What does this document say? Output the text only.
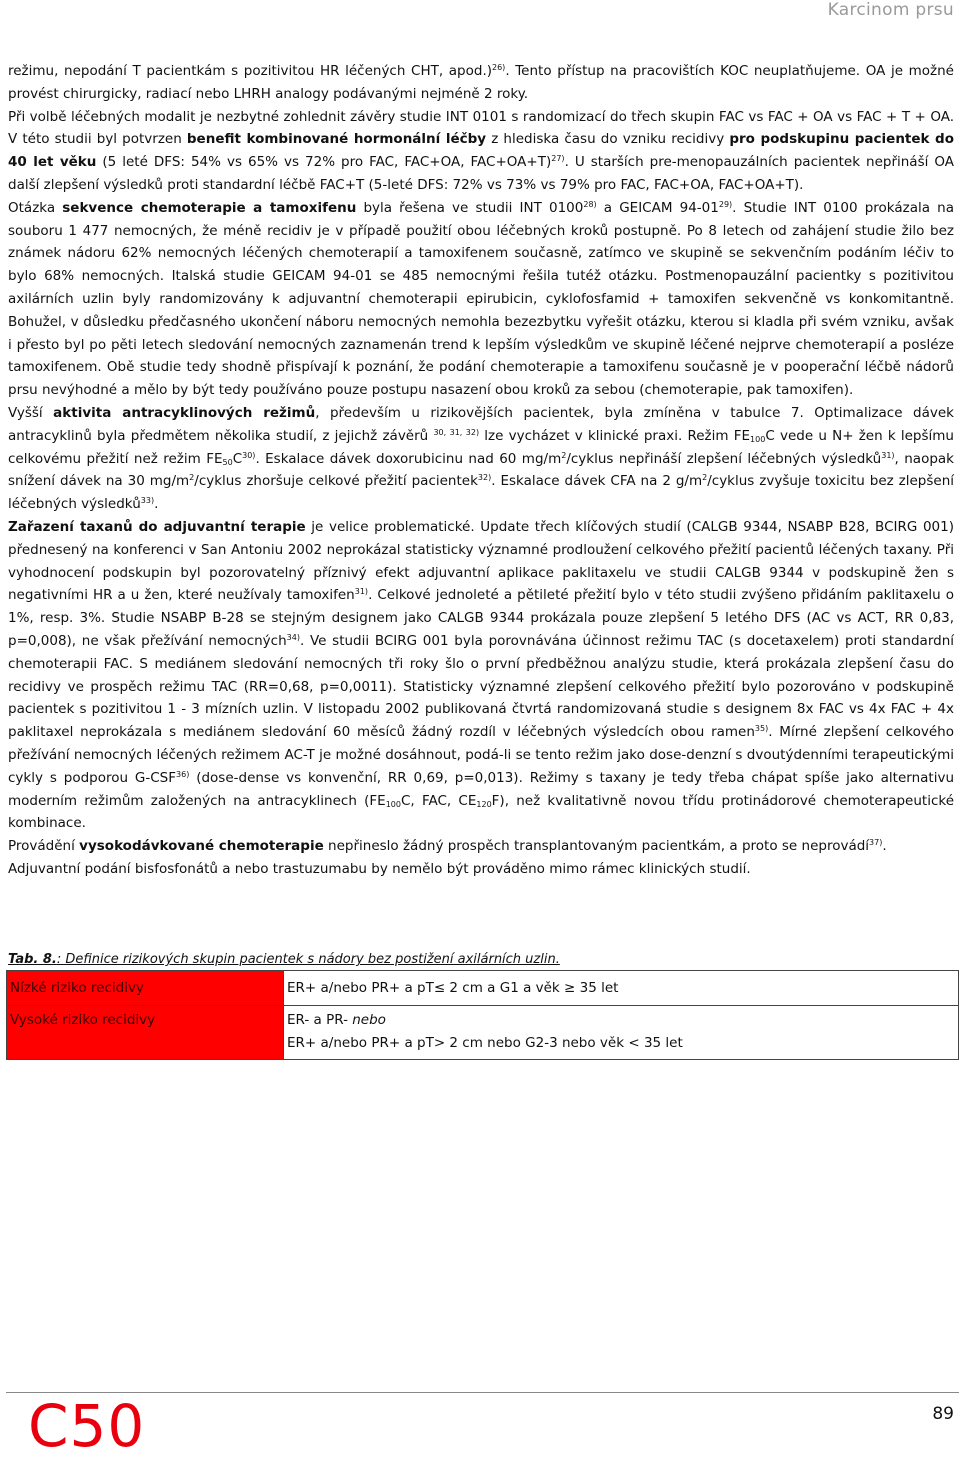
Karcinom prsu

režimu, nepodání T pacientkám s pozitivitou HR léčených CHT, apod.)$^{26)}$. Tento přístup na pracovištích KOC neuplatňujeme. OA je možné provést chirurgicky, radiací nebo LHRH analogy podávanými nejméně 2 roky.

Při volbě léčebných modalit je nezbytné zohlednit závěry studie INT 0101 s randomizací do třech skupin FAC vs FAC + OA vs FAC + T + OA. V této studii byl potvrzen benefit kombinované hormonální léčby z hlediska času do vzniku recidivy pro podskupinu pacientek do 40 let věku (5 leté DFS: 54% vs 65% vs 72% pro FAC, FAC+OA, FAC+OA+T)$^{27)}$. U starších pre-menopauzálních pacientek nepřináší OA další zlepšení výsledků proti standardní léčbě FAC+T (5-leté DFS: 72% vs 73% vs 79% pro FAC, FAC+OA, FAC+OA+T).

Otázka sekvence chemoterapie a tamoxifenu byla řešena ve studii INT 0100$^{28)}$ a GEICAM 94-01$^{29)}$. Studie INT 0100 prokázala na souboru 1 477 nemocných, že méně recidiv je v případě použití obou léčebných kroků postupně. Po 8 letech od zahájení studie žilo bez známek nádoru 62% nemocných léčených chemoterapií a tamoxifenem současně, zatímco ve skupině se sekvenčním podáním léčiv to bylo 68% nemocných. Italská studie GEICAM 94-01 se 485 nemocnými řešila tutéž otázku. Postmenopauzální pacientky s pozitivitou axilárních uzlin byly randomizovány k adjuvantní chemoterapii epirubicin, cyklofosfamid + tamoxifen sekvenčně vs konkomitantně. Bohužel, v důsledku předčasného ukončení náboru nemocných nemohla bezezbytku vyřešit otázku, kterou si kladla při svém vzniku, avšak i přesto byl po pěti letech sledování nemocných zaznamenán trend k lepším výsledkům ve skupině léčené nejprve chemoterapií a posléze tamoxifenem. Obě studie tedy shodně přispívají k poznání, že podání chemoterapie a tamoxifenu současně je v pooperační léčbě nádorů prsu nevýhodné a mělo by být tedy používáno pouze postupu nasazení obou kroků za sebou (chemoterapie, pak tamoxifen).

Vyšší aktivita antracyklinových režimů, především u rizikovějších pacientek, byla zmíněna v tabulce 7. Optimalizace dávek antracyklinů byla předmětem několika studií, z jejichž závěrů $^{30, 31, 32)}$ lze vycházet v klinické praxi. Režim $FE_{100}C$ vede u N+ žen k lepšímu celkovému přežití než režim $FE_{50}C^{30)}$. Eskalace dávek doxorubicinu nad 60 $mg/m^2$/cyklus nepřináší zlepšení léčebných výsledků$^{31)}$, naopak snížení dávek na 30 $mg/m^2$/cyklus zhoršuje celkové přežití pacientek$^{32)}$. Eskalace dávek CFA na 2 $g/m^2$/cyklus zvyšuje toxicitu bez zlepšení léčebných výsledků$^{33)}$.

Zařazení taxanů do adjuvantní terapie je velice problematické. Update třech klíčových studií (CALGB 9344, NSABP B28, BCIRG 001) přednesený na konferenci v San Antoniu 2002 neprokázal statisticky významné prodloužení celkového přežití pacientů léčených taxany. Při vyhodnocení podskupin byl pozorovatelný příznivý efekt adjuvantní aplikace paklitaxelu ve studii CALGB 9344 v podskupině žen s negativními HR a u žen, které neužívaly tamoxifen$^{31)}$. Celkové jednoleté a pětileté přežití bylo v této studii zvýšeno přidáním paklitaxelu o 1%, resp. 3%. Studie NSABP B-28 se stejným designem jako CALGB 9344 prokázala pouze zlepšení 5 letého DFS (AC vs ACT, RR 0,83, p=0,008), ne však přežívání nemocných$^{34)}$. Ve studii BCIRG 001 byla porovnávána účinnost režimu TAC (s docetaxelem) proti standardní chemoterapii FAC. S mediánem sledování nemocných tři roky šlo o první předběžnou analýzu studie, která prokázala zlepšení času do recidivy ve prospěch režimu TAC (RR=0,68, p=0,0011). Statisticky významné zlepšení celkového přežití bylo pozorováno v podskupině pacientek s pozitivitou 1 - 3 mízních uzlin. V listopadu 2002 publikovaná čtvrtá randomizovaná studie s designem 8x FAC vs 4x FAC + 4x paklitaxel neprokázala s mediánem sledování 60 měsíců žádný rozdíl v léčebných výsledcích obou ramen$^{35)}$. Mírné zlepšení celkového přežívání nemocných léčených režimem AC-T je možné dosáhnout, podá-li se tento režim jako dose-denzní s dvoutýdenními terapeutickými cykly s podporou G-CSF$^{36)}$ (dose-dense vs konvenční, RR 0,69, p=0,013). Režimy s taxany je tedy třeba chápat spíše jako alternativu moderním režimům založených na antracyklinech ($FE_{100}C$, FAC, $CE_{120}F$), než kvalitativně novou třídu protinádorové chemoterapeutické kombinace.

Provádění vysokodávkované chemoterapie nepřineslo žádný prospěch transplantovaným pacientkám, a proto se neprovádí$^{37)}$.

Adjuvantní podání bisfosfonátů a nebo trastuzumabu by nemělo být prováděno mimo rámec klinických studií.

Tab. 8.: Definice rizikových skupin pacientek s nádory bez postižení axilárních uzlin.
Nízké riziko recidivy	ER+ a/nebo PR+ a pT≤ 2 cm a G1 a věk ≥ 35 let
Vysoké riziko recidivy	ER- a PR- nebo
ER+ a/nebo PR+ a pT> 2 cm nebo G2-3 nebo věk < 35 let
C50	89
